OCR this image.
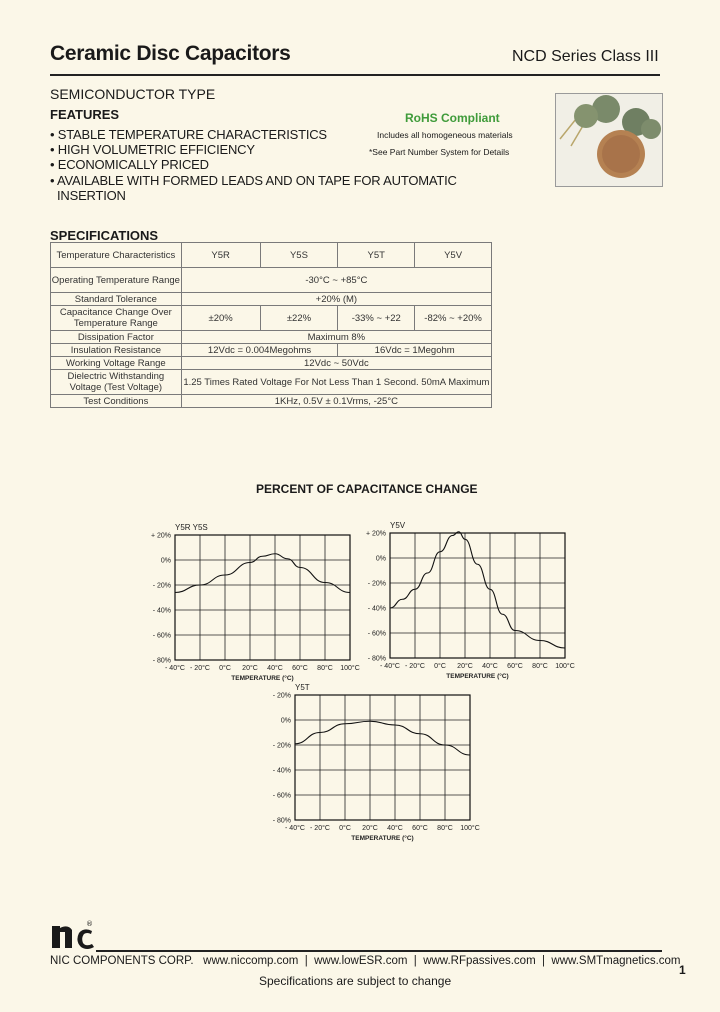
Ceramic Disc Capacitors	NCD Series Class III
SEMICONDUCTOR TYPE
FEATURES
• STABLE TEMPERATURE CHARACTERISTICS
• HIGH VOLUMETRIC EFFICIENCY
• ECONOMICALLY PRICED
• AVAILABLE WITH FORMED LEADS AND ON TAPE FOR AUTOMATIC
INSERTION
RoHS Compliant
Includes all homogeneous materials
*See Part Number System for Details
SPECIFICATIONS
Temperature Characteristics	Y5R	Y5S	Y5T	Y5V
Operating Temperature Range	-30°C ~ +85°C			
Standard Tolerance	+20% (M)			
Capacitance Change Over Temperature Range	±20%	±22%	-33% ~ +22	-82% ~ +20%
Dissipation Factor	Maximum 8%			
Insulation Resistance	12Vdc = 0.004Megohms		16Vdc = 1Megohm	
Working Voltage Range	12Vdc ~ 50Vdc			
Dielectric Withstanding Voltage (Test Voltage)	1.25 Times Rated Voltage For Not Less Than 1 Second. 50mA Maximum			
Test Conditions	1KHz, 0.5V ± 0.1Vrms, -25°C			
PERCENT OF CAPACITANCE CHANGE
- 40°C - 20°C 0°C 20°C 40°C 60°C 80°C 100°C
+ 20%
0%
- 20%
- 40%
- 60%
- 80%
Y5R Y5S
TEMPERATURE (°C)
- 40°C - 20°C 0°C 20°C 40°C 60°C 80°C 100°C
+ 20%
0%
- 20%
- 40%
- 60%
- 80%
Y5V
TEMPERATURE (°C)
- 40°C - 20°C 0°C 20°C 40°C 60°C 80°C 100°C
- 20%
0%
- 20%
- 40%
- 60%
- 80%
Y5T
TEMPERATURE (°C)
®
NIC COMPONENTS CORP.   www.niccomp.com  |  www.lowESR.com  |  www.RFpassives.com  |  www.SMTmagnetics.com
1
Specifications are subject to change
